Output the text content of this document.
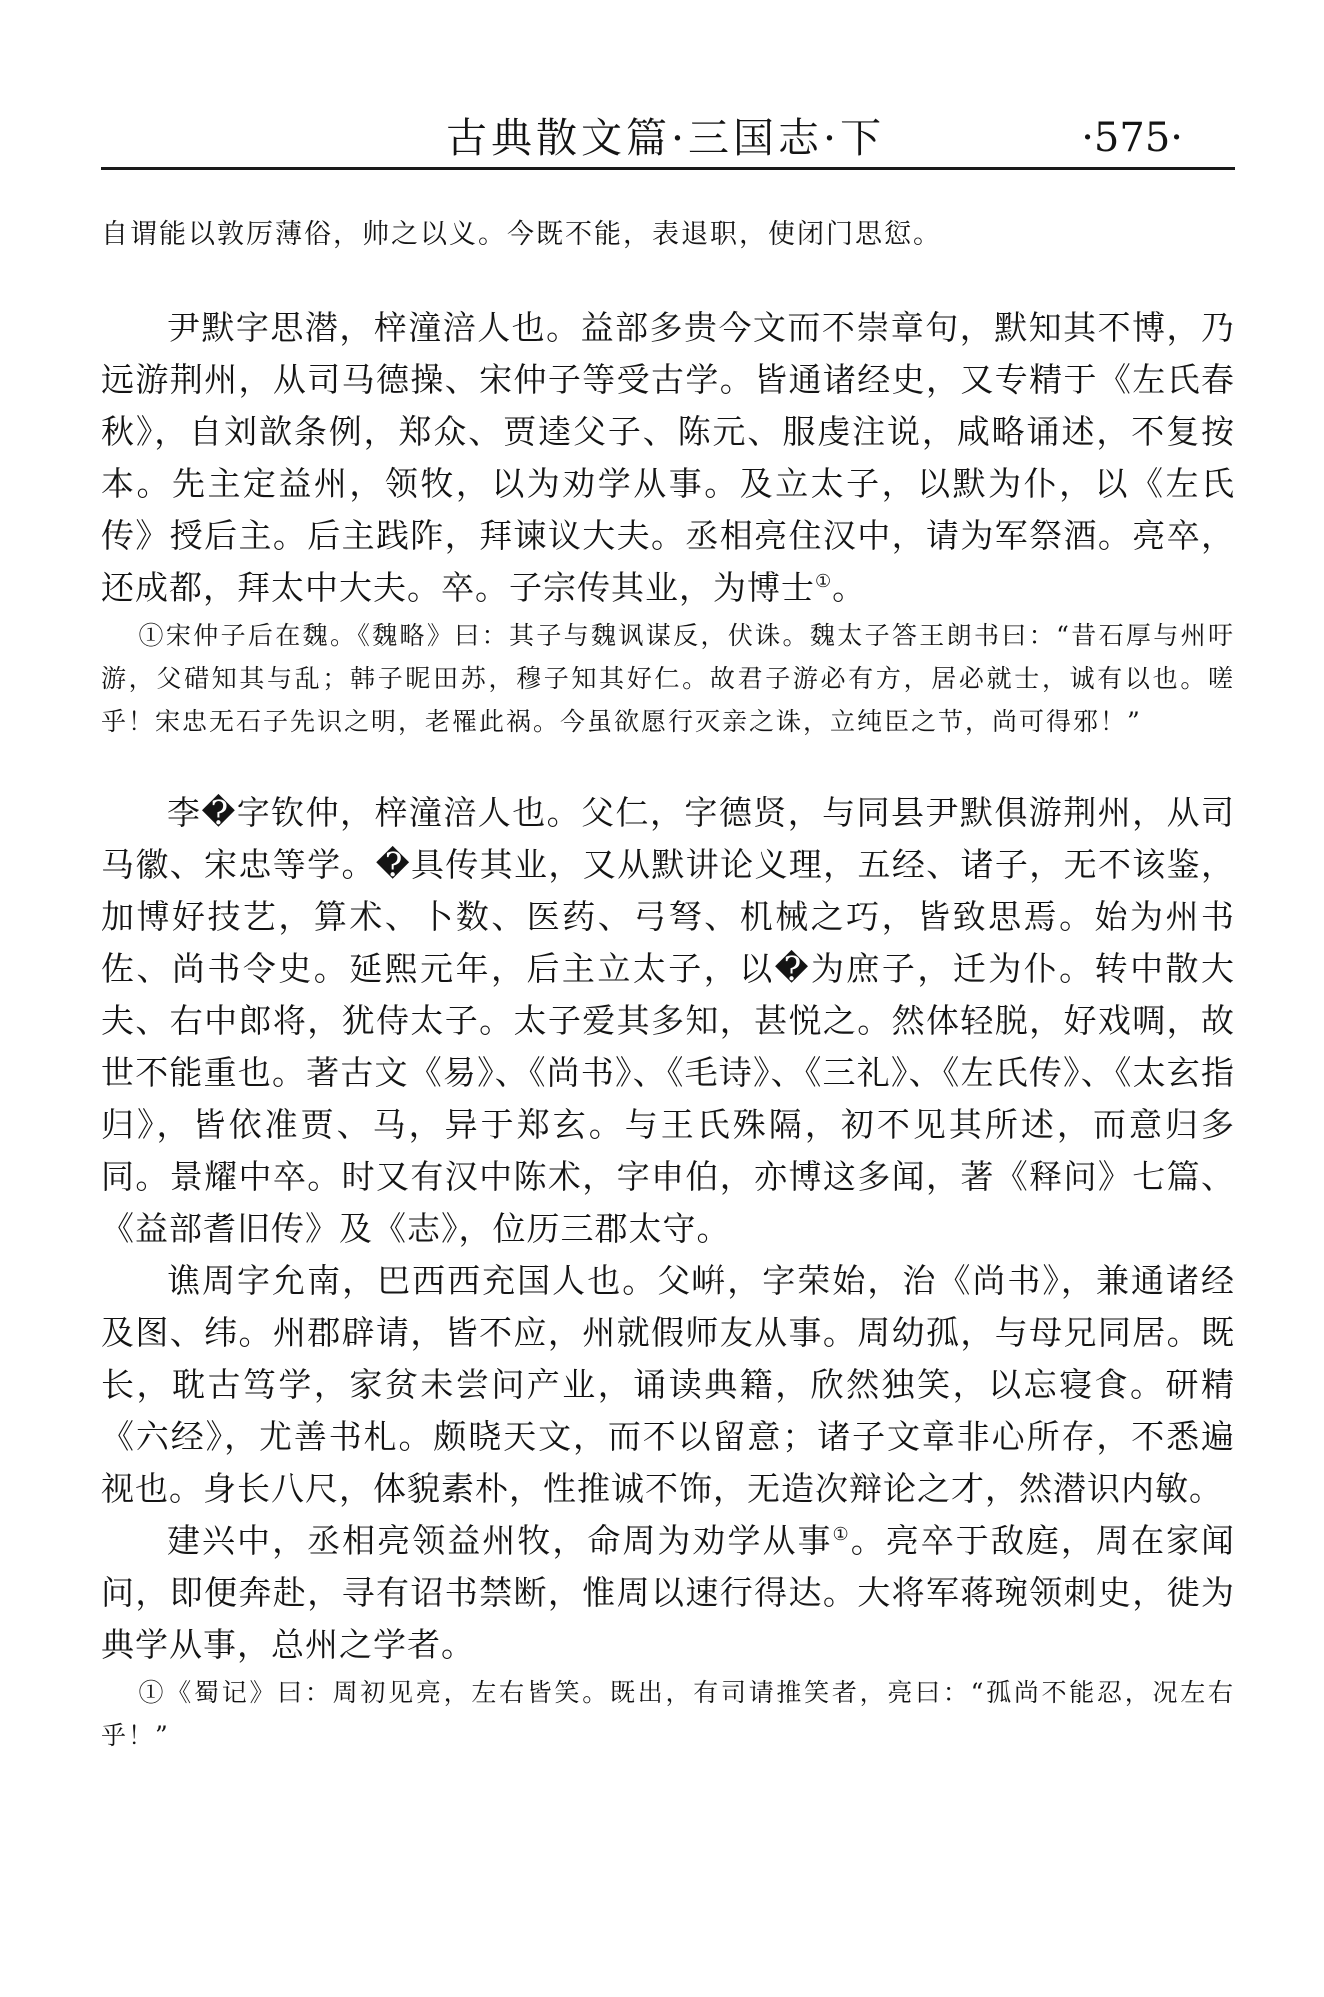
古典散文篇·三国志·下	·575·

自谓能以敦厉薄俗，帅之以义。今既不能，表退职，使闭门思愆。

尹默字思潜，梓潼涪人也。益部多贵今文而不崇章句，默知其不博，乃远游荆州，从司马德操、宋仲子等受古学。皆通诸经史，又专精于《左氏春秋》，自刘歆条例，郑众、贾逵父子、陈元、服虔注说，咸略诵述，不复按本。先主定益州，领牧，以为劝学从事。及立太子，以默为仆，以《左氏传》授后主。后主践阼，拜谏议大夫。丞相亮住汉中，请为军祭酒。亮卒，还成都，拜太中大夫。卒。子宗传其业，为博士①。

①宋仲子后在魏。《魏略》曰：其子与魏讽谋反，伏诛。魏太子答王朗书曰：“昔石厚与州吁游，父碏知其与乱；韩子昵田苏，穆子知其好仁。故君子游必有方，居必就士，诚有以也。嗟乎！宋忠无石子先识之明，老罹此祸。今虽欲愿行灭亲之诛，立纯臣之节，尚可得邪！”

李�字钦仲，梓潼涪人也。父仁，字德贤，与同县尹默俱游荆州，从司马徽、宋忠等学。�具传其业，又从默讲论义理，五经、诸子，无不该鉴，加博好技艺，算术、卜数、医药、弓弩、机械之巧，皆致思焉。始为州书佐、尚书令史。延熙元年，后主立太子，以�为庶子，迁为仆。转中散大夫、右中郎将，犹侍太子。太子爱其多知，甚悦之。然体轻脱，好戏啁，故世不能重也。著古文《易》、《尚书》、《毛诗》、《三礼》、《左氏传》、《太玄指归》，皆依准贾、马，异于郑玄。与王氏殊隔，初不见其所述，而意归多同。景耀中卒。时又有汉中陈术，字申伯，亦博这多闻，著《释问》七篇、《益部耆旧传》及《志》，位历三郡太守。

谯周字允南，巴西西充国人也。父𡸫，字荣始，治《尚书》，兼通诸经及图、纬。州郡辟请，皆不应，州就假师友从事。周幼孤，与母兄同居。既长，耽古笃学，家贫未尝问产业，诵读典籍，欣然独笑，以忘寝食。研精《六经》，尤善书札。颇晓天文，而不以留意；诸子文章非心所存，不悉遍视也。身长八尺，体貌素朴，性推诚不饰，无造次辩论之才，然潜识内敏。

建兴中，丞相亮领益州牧，命周为劝学从事①。亮卒于敌庭，周在家闻问，即便奔赴，寻有诏书禁断，惟周以速行得达。大将军蒋琬领刺史，徙为典学从事，总州之学者。

①《蜀记》曰：周初见亮，左右皆笑。既出，有司请推笑者，亮曰：“孤尚不能忍，况左右乎！”
